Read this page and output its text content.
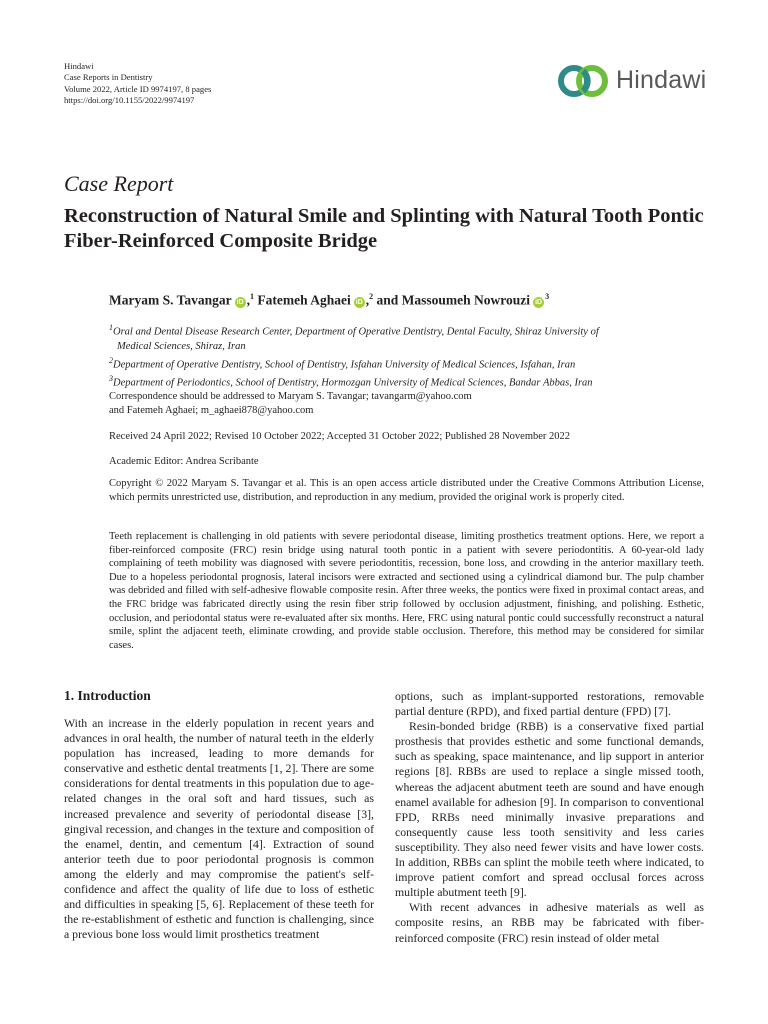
Hindawi
Case Reports in Dentistry
Volume 2022, Article ID 9974197, 8 pages
https://doi.org/10.1155/2022/9974197
Hindawi
Case Report
Reconstruction of Natural Smile and Splinting with Natural Tooth Pontic Fiber-Reinforced Composite Bridge
Maryam S. Tavangar iD ,$^1$ Fatemeh Aghaei iD ,$^2$ and Massoumeh Nowrouzi $iD^3$
$^1$Oral and Dental Disease Research Center, Department of Operative Dentistry, Dental Faculty, Shiraz University of
Medical Sciences, Shiraz, Iran
$^2$Department of Operative Dentistry, School of Dentistry, Isfahan University of Medical Sciences, Isfahan, Iran
$^3$Department of Periodontics, School of Dentistry, Hormozgan University of Medical Sciences, Bandar Abbas, Iran
Correspondence should be addressed to Maryam S. Tavangar; tavangarm@yahoo.com
and Fatemeh Aghaei; m_aghaei878@yahoo.com
Received 24 April 2022; Revised 10 October 2022; Accepted 31 October 2022; Published 28 November 2022
Academic Editor: Andrea Scribante
Copyright © 2022 Maryam S. Tavangar et al. This is an open access article distributed under the Creative Commons Attribution License, which permits unrestricted use, distribution, and reproduction in any medium, provided the original work is properly cited.
Teeth replacement is challenging in old patients with severe periodontal disease, limiting prosthetics treatment options. Here, we report a fiber-reinforced composite (FRC) resin bridge using natural tooth pontic in a patient with severe periodontitis. A 60-year-old lady complaining of teeth mobility was diagnosed with severe periodontitis, recession, bone loss, and crowding in the anterior maxillary teeth. Due to a hopeless periodontal prognosis, lateral incisors were extracted and sectioned using a cylindrical diamond bur. The pulp chamber was debrided and filled with self-adhesive flowable composite resin. After three weeks, the pontics were fixed in proximal contact areas, and the FRC bridge was fabricated directly using the resin fiber strip followed by occlusion adjustment, finishing, and polishing. Esthetic, occlusion, and periodontal status were re-evaluated after six months. Here, FRC using natural pontic could successfully reconstruct a natural smile, splint the adjacent teeth, eliminate crowding, and provide stable occlusion. Therefore, this method may be considered for similar cases.
1. Introduction

With an increase in the elderly population in recent years and advances in oral health, the number of natural teeth in the elderly population has increased, leading to more demands for conservative and esthetic dental treatments [1, 2]. There are some considerations for dental treatments in this population due to age-related changes in the oral soft and hard tissues, such as increased prevalence and severity of periodontal disease [3], gingival recession, and changes in the texture and composition of the enamel, dentin, and cementum [4]. Extraction of sound anterior teeth due to poor periodontal prognosis is common among the elderly and may compromise the patient's self-confidence and affect the quality of life due to loss of esthetic and difficulties in speaking [5, 6]. Replacement of these teeth for the re-establishment of esthetic and function is challenging, since a previous bone loss would limit prosthetics treatment

options, such as implant-supported restorations, removable partial denture (RPD), and fixed partial denture (FPD) [7].

Resin-bonded bridge (RBB) is a conservative fixed partial prosthesis that provides esthetic and some functional demands, such as speaking, space maintenance, and lip support in anterior regions [8]. RBBs are used to replace a single missed tooth, whereas the adjacent abutment teeth are sound and have enough enamel available for adhesion [9]. In comparison to conventional FPD, RRBs need minimally invasive preparations and consequently cause less tooth sensitivity and less caries susceptibility. They also need fewer visits and have lower costs. In addition, RBBs can splint the mobile teeth where indicated, to improve patient comfort and spread occlusal forces across multiple abutment teeth [9].

With recent advances in adhesive materials as well as composite resins, an RBB may be fabricated with fiber-reinforced composite (FRC) resin instead of older metal
